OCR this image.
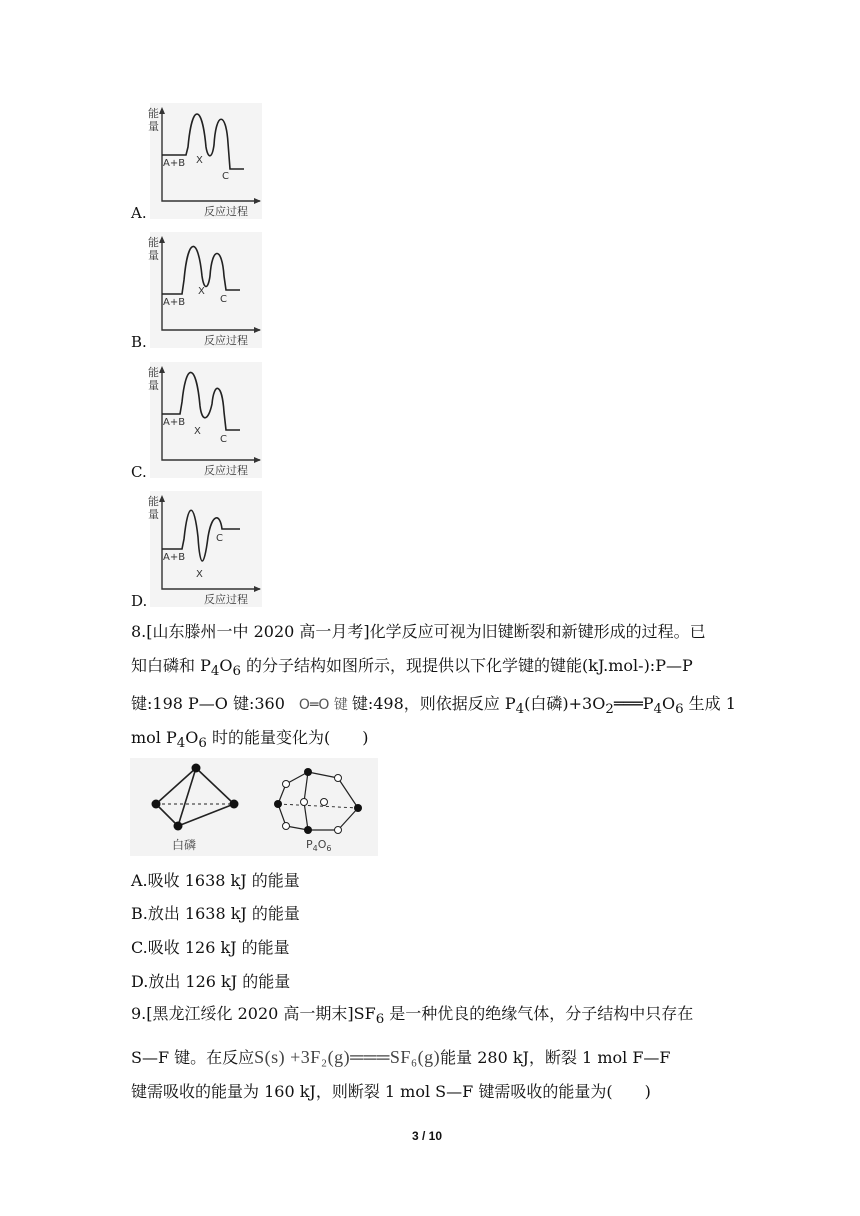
A.
能
量
A+B X
C
反应过程
B.
能
量
A+B
X
C
反应过程
C.
能
量
A+B
X
C
反应过程
D.
能
量
A+B
X
C
反应过程
8.[山东滕州一中 2020 高一月考]化学反应可视为旧键断裂和新键形成的过程。已
知白磷和 $P_4O_6$ 的分子结构如图所示，现提供以下化学键的键能(kJ.mol-):P—P
键:198 P—O 键:360 O═O 键 键:498，则依据反应 $P_4$(白磷)$+3O_2═══P_4O_6$ 生成 1
mol $P_4O_6$ 时的能量变化为(　　)
白磷	$P_4O_6$
A.吸收 1638 kJ 的能量
B.放出 1638 kJ 的能量
C.吸收 126 kJ 的能量
D.放出 126 kJ 的能量
9.[黑龙江绥化 2020 高一期末]$SF_6$ 是一种优良的绝缘气体，分子结构中只存在
S—F 键。在反应S(s) +3F₂(g)═══SF₆(g)能量 280 kJ，断裂 1 mol F—F
键需吸收的能量为 160 kJ，则断裂 1 mol S—F 键需吸收的能量为(　　)
3 / 10
